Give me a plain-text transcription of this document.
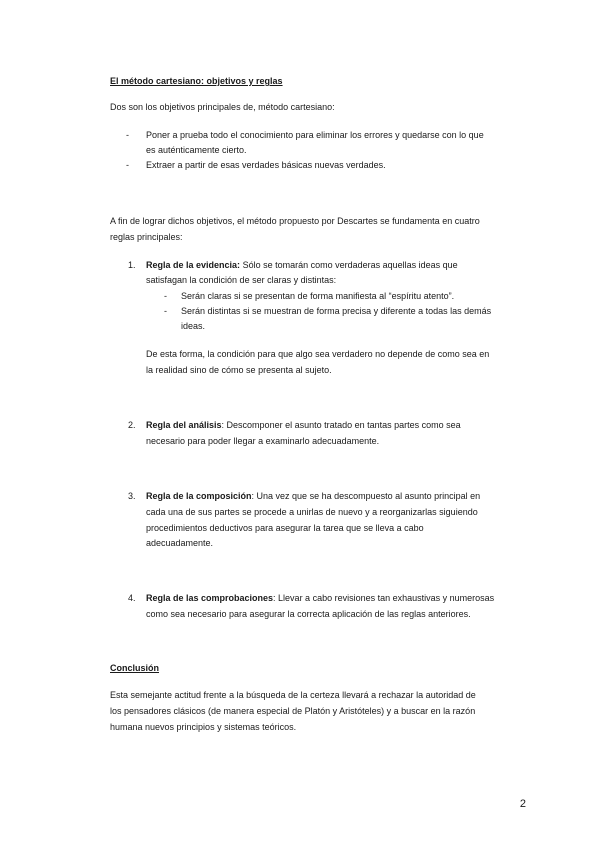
El método cartesiano: objetivos y reglas
Dos son los objetivos principales de, método cartesiano:
- Poner a prueba todo el conocimiento para eliminar los errores y quedarse con lo que
es auténticamente cierto.
- Extraer a partir de esas verdades básicas nuevas verdades.
A fin de lograr dichos objetivos, el método propuesto por Descartes se fundamenta en cuatro
reglas principales:
1. Regla de la evidencia: Sólo se tomarán como verdaderas aquellas ideas que
satisfagan la condición de ser claras y distintas:
- Serán claras si se presentan de forma manifiesta al “espíritu atento”.
- Serán distintas si se muestran de forma precisa y diferente a todas las demás
ideas.
De esta forma, la condición para que algo sea verdadero no depende de como sea en
la realidad sino de cómo se presenta al sujeto.
2. Regla del análisis: Descomponer el asunto tratado en tantas partes como sea
necesario para poder llegar a examinarlo adecuadamente.
3. Regla de la composición: Una vez que se ha descompuesto al asunto principal en
cada una de sus partes se procede a unirlas de nuevo y a reorganizarlas siguiendo
procedimientos deductivos para asegurar la tarea que se lleva a cabo
adecuadamente.
4. Regla de las comprobaciones: Llevar a cabo revisiones tan exhaustivas y numerosas
como sea necesario para asegurar la correcta aplicación de las reglas anteriores.
Conclusión
Esta semejante actitud frente a la búsqueda de la certeza llevará a rechazar la autoridad de
los pensadores clásicos (de manera especial de Platón y Aristóteles) y a buscar en la razón
humana nuevos principios y sistemas teóricos.
2
